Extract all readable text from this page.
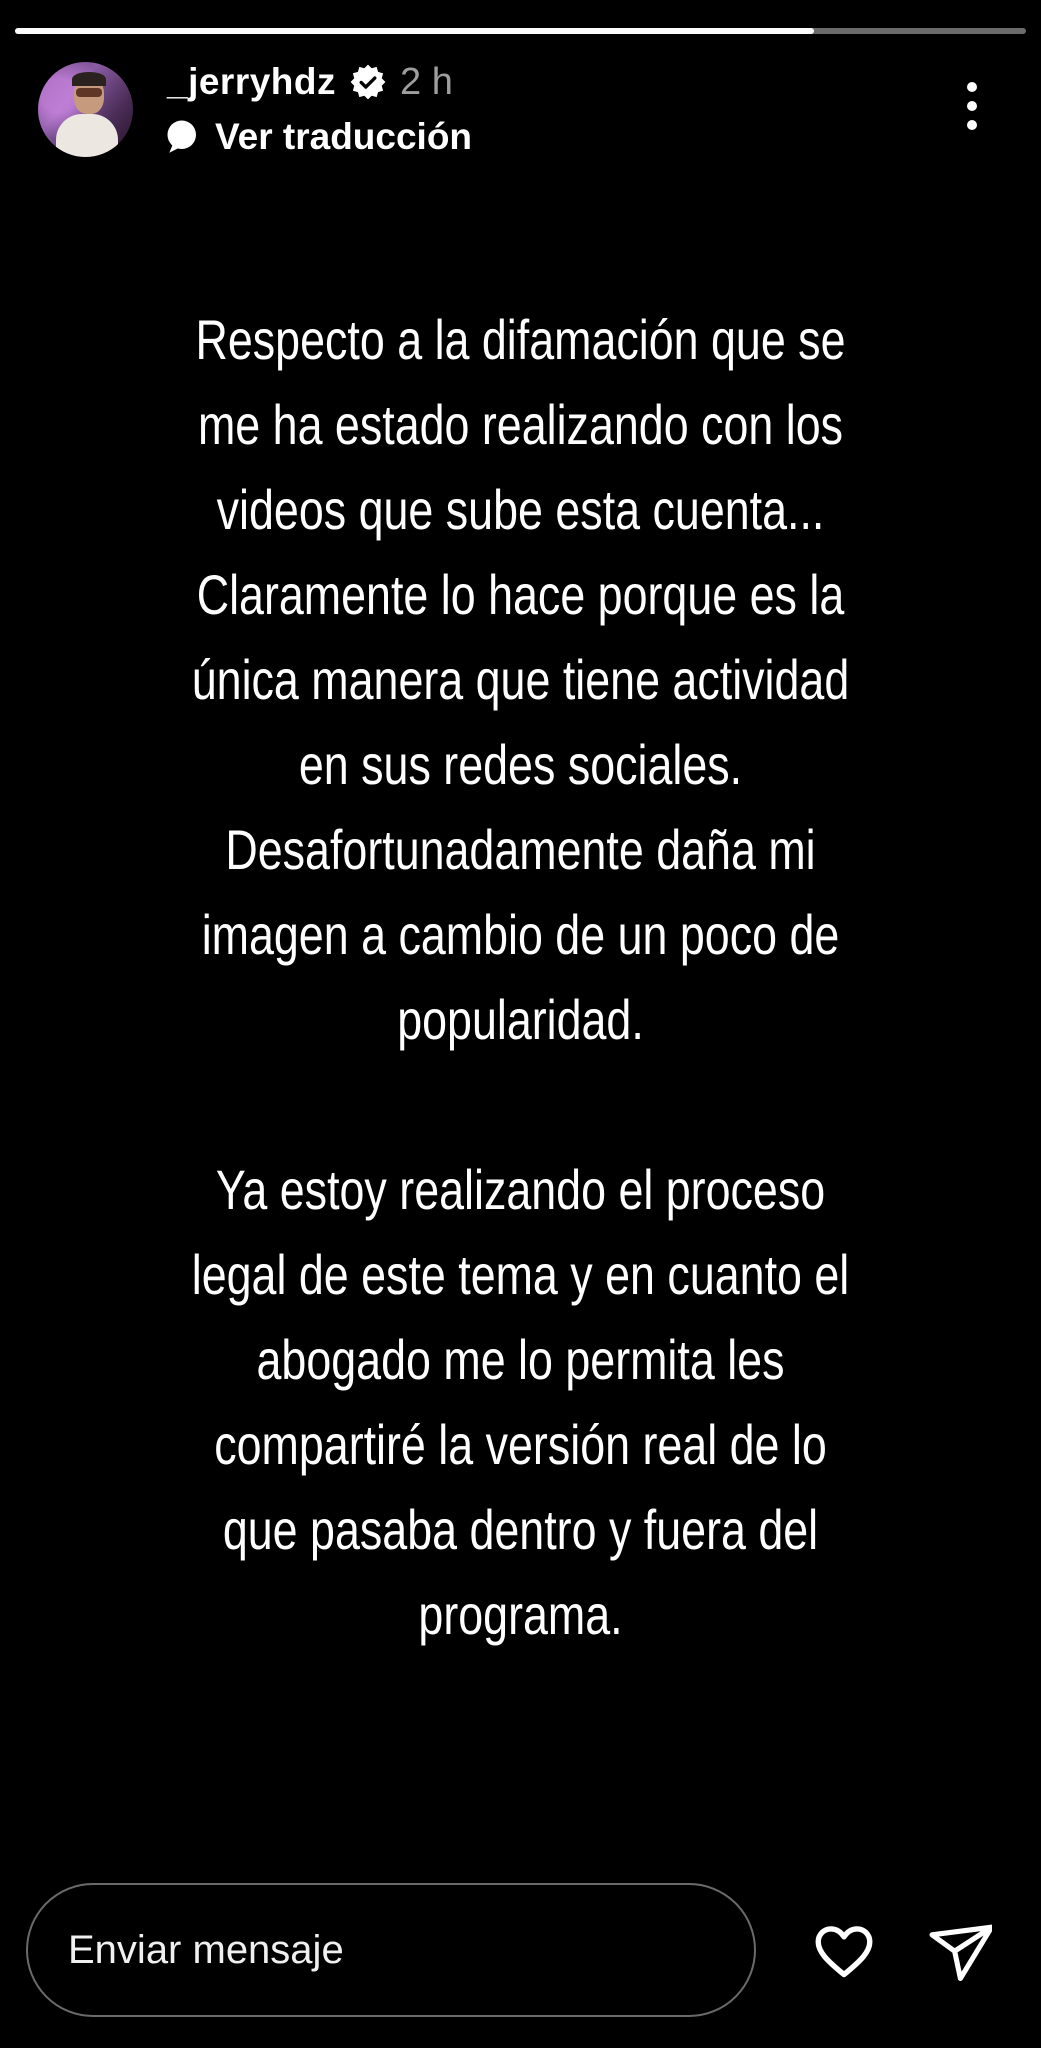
_jerryhdz 2 h
Ver traducción
Respecto a la difamación que se
me ha estado realizando con los
videos que sube esta cuenta...
Claramente lo hace porque es la
única manera que tiene actividad
en sus redes sociales.
Desafortunadamente daña mi
imagen a cambio de un poco de
popularidad.
Ya estoy realizando el proceso
legal de este tema y en cuanto el
abogado me lo permita les
compartiré la versión real de lo
que pasaba dentro y fuera del
programa.
Enviar mensaje
